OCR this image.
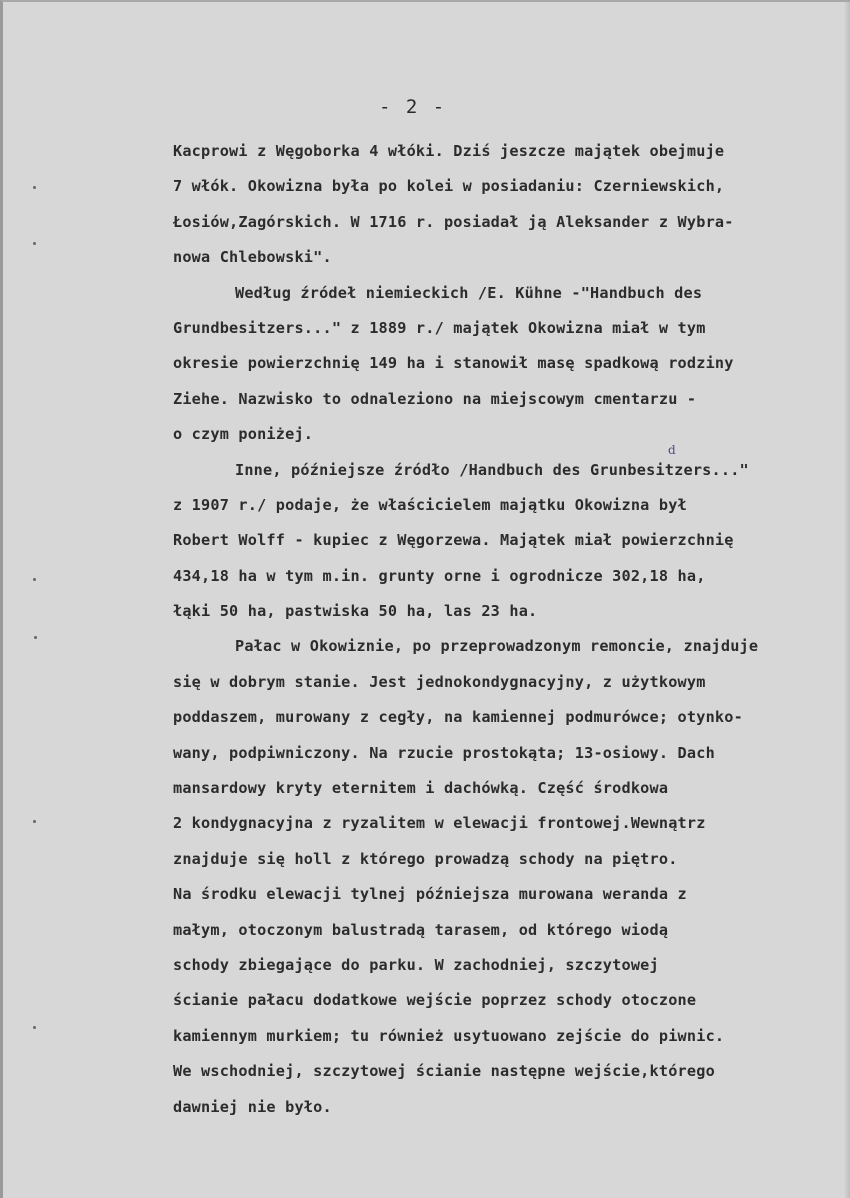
- 2 -
d
Kacprowi z Węgoborka 4 włóki. Dziś jeszcze majątek obejmuje
7 włók. Okowizna była po kolei w posiadaniu: Czerniewskich,
Łosiów,Zagórskich. W 1716 r. posiadał ją Aleksander z Wybra-
nowa Chlebowski".
Według źródeł niemieckich /E. Kühne -"Handbuch des
Grundbesitzers..." z 1889 r./ majątek Okowizna miał w tym
okresie powierzchnię 149 ha i stanowił masę spadkową rodziny
Ziehe. Nazwisko to odnaleziono na miejscowym cmentarzu -
o czym poniżej.
Inne, późniejsze źródło /Handbuch des Grunbesitzers..."
z 1907 r./ podaje, że właścicielem majątku Okowizna był
Robert Wolff - kupiec z Węgorzewa. Majątek miał powierzchnię
434,18 ha w tym m.in. grunty orne i ogrodnicze 302,18 ha,
łąki 50 ha, pastwiska 50 ha, las 23 ha.
Pałac w Okowiznie, po przeprowadzonym remoncie, znajduje
się w dobrym stanie. Jest jednokondygnacyjny, z użytkowym
poddaszem, murowany z cegły, na kamiennej podmurówce; otynko-
wany, podpiwniczony. Na rzucie prostokąta; 13-osiowy. Dach
mansardowy kryty eternitem i dachówką. Część środkowa
2 kondygnacyjna z ryzalitem w elewacji frontowej.Wewnątrz
znajduje się holl z którego prowadzą schody na piętro.
Na środku elewacji tylnej późniejsza murowana weranda z
małym, otoczonym balustradą tarasem, od którego wiodą
schody zbiegające do parku. W zachodniej, szczytowej
ścianie pałacu dodatkowe wejście poprzez schody otoczone
kamiennym murkiem; tu również usytuowano zejście do piwnic.
We wschodniej, szczytowej ścianie następne wejście,którego
dawniej nie było.
